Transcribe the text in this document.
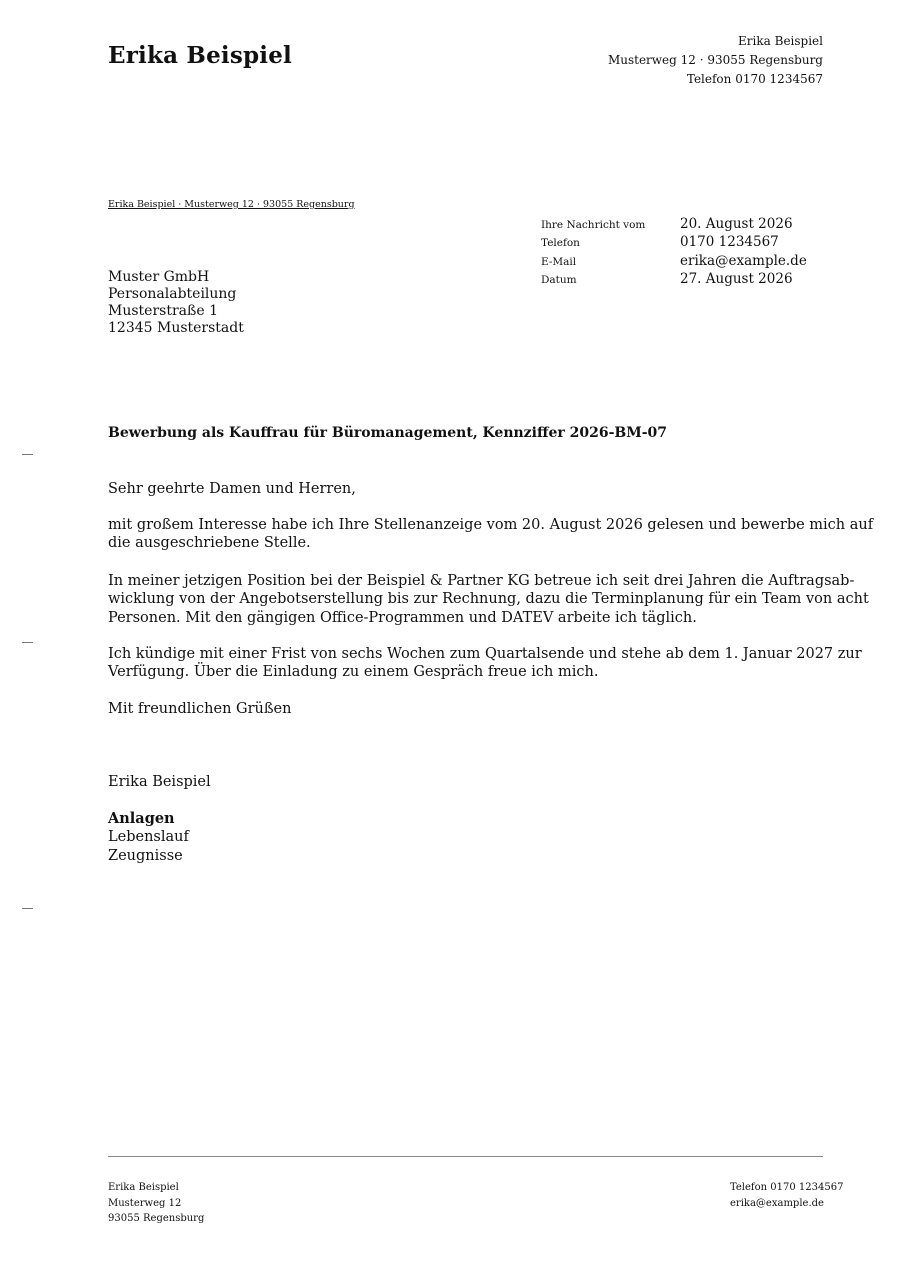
Erika Beispiel
Erika Beispiel
Musterweg 12 · 93055 Regensburg
Telefon 0170 1234567
Erika Beispiel · Musterweg 12 · 93055 Regensburg
Muster GmbH
Personalabteilung
Musterstraße 1
12345 Musterstadt
Ihre Nachricht vom	20. August 2026
Telefon	0170 1234567
E-Mail	erika@example.de
Datum	27. August 2026
Bewerbung als Kauffrau für Büromanagement, Kennziffer 2026-BM-07
Sehr geehrte Damen und Herren,

mit großem Interesse habe ich Ihre Stellenanzeige vom 20. August 2026 gelesen und bewerbe mich auf

die ausgeschriebene Stelle.

In meiner jetzigen Position bei der Beispiel & Partner KG betreue ich seit drei Jahren die Auftragsab-

wicklung von der Angebotserstellung bis zur Rechnung, dazu die Terminplanung für ein Team von acht

Personen. Mit den gängigen Office-Programmen und DATEV arbeite ich täglich.

Ich kündige mit einer Frist von sechs Wochen zum Quartalsende und stehe ab dem 1. Januar 2027 zur

Verfügung. Über die Einladung zu einem Gespräch freue ich mich.

Mit freundlichen Grüßen
Erika Beispiel

Anlagen

Lebenslauf

Zeugnisse

Erika Beispiel
Musterweg 12
93055 Regensburg
Telefon 0170 1234567
erika@example.de
